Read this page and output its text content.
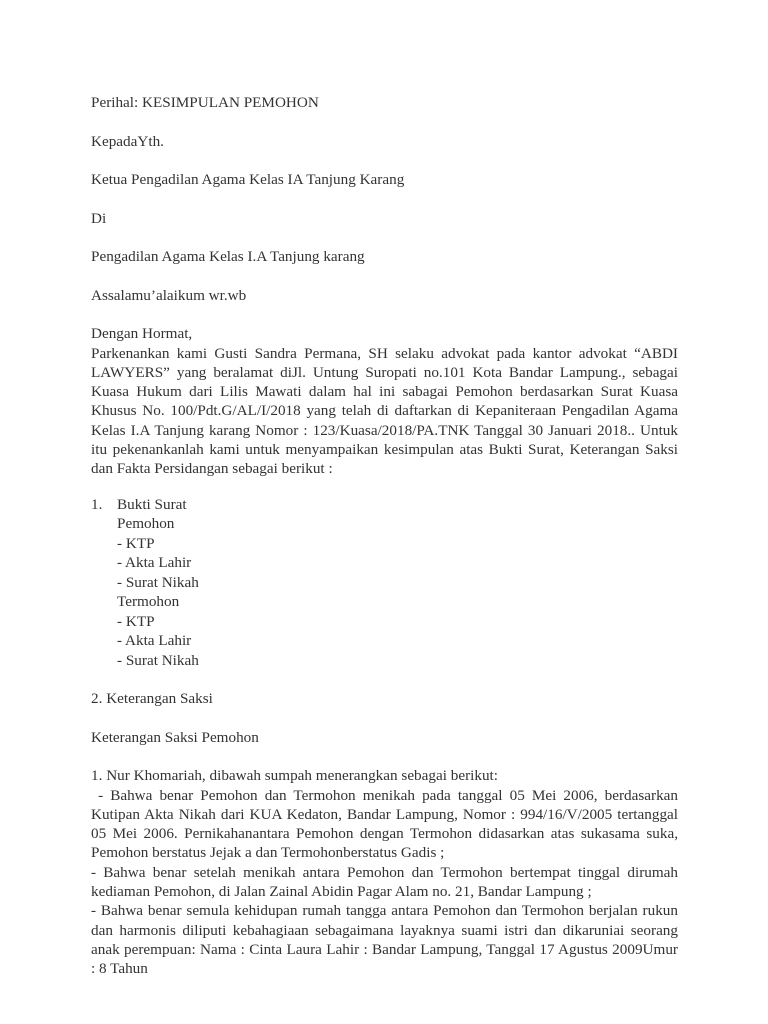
Perihal: KESIMPULAN PEMOHON

KepadaYth.

Ketua Pengadilan Agama Kelas IA Tanjung Karang

Di

Pengadilan Agama Kelas I.A Tanjung karang

Assalamu’alaikum wr.wb

Dengan Hormat,

Parkenankan kami Gusti Sandra Permana, SH selaku advokat pada kantor advokat “ABDI LAWYERS” yang beralamat diJl. Untung Suropati no.101 Kota Bandar Lampung., sebagai Kuasa Hukum dari Lilis Mawati dalam hal ini sabagai Pemohon berdasarkan Surat Kuasa Khusus No. 100/Pdt.G/AL/I/2018 yang telah di daftarkan di Kepaniteraan Pengadilan Agama Kelas I.A Tanjung karang Nomor : 123/Kuasa/2018/PA.TNK Tanggal 30 Januari 2018.. Untuk itu pekenankanlah kami untuk menyampaikan kesimpulan atas Bukti Surat, Keterangan Saksi dan Fakta Persidangan sebagai berikut :

1. Bukti Surat

Pemohon

- KTP

- Akta Lahir

- Surat Nikah

Termohon

- KTP

- Akta Lahir

- Surat Nikah

2. Keterangan Saksi

Keterangan Saksi Pemohon

1. Nur Khomariah, dibawah sumpah menerangkan sebagai berikut:

- Bahwa benar Pemohon dan Termohon menikah pada tanggal 05 Mei 2006, berdasarkan Kutipan Akta Nikah dari KUA Kedaton, Bandar Lampung, Nomor : 994/16/V/2005 tertanggal 05 Mei 2006. Pernikahanantara Pemohon dengan Termohon didasarkan atas sukasama suka, Pemohon berstatus Jejak a dan Termohonberstatus Gadis ;

- Bahwa benar setelah menikah antara Pemohon dan Termohon bertempat tinggal dirumah kediaman Pemohon, di Jalan Zainal Abidin Pagar Alam no. 21, Bandar Lampung ;

- Bahwa benar semula kehidupan rumah tangga antara Pemohon dan Termohon berjalan rukun dan harmonis diliputi kebahagiaan sebagaimana layaknya suami istri dan dikaruniai seorang anak perempuan: Nama : Cinta Laura Lahir : Bandar Lampung, Tanggal 17 Agustus 2009Umur : 8 Tahun
